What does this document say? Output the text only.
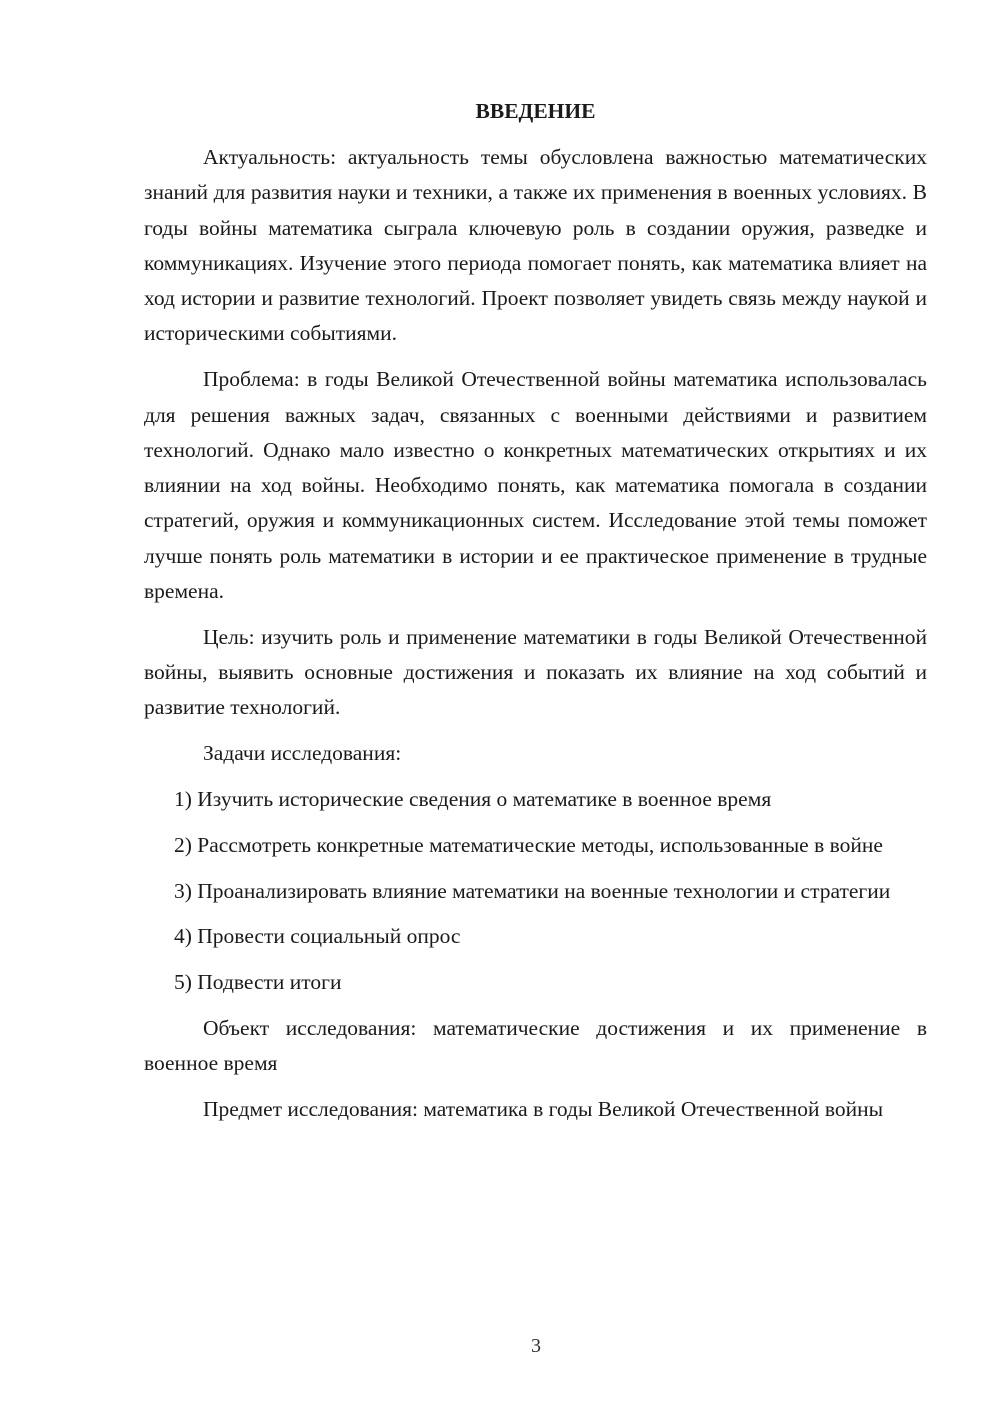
ВВЕДЕНИЕ

Актуальность: актуальность темы обусловлена важностью математических знаний для развития науки и техники, а также их применения в военных условиях. В годы войны математика сыграла ключевую роль в создании оружия, разведке и коммуникациях. Изучение этого периода помогает понять, как математика влияет на ход истории и развитие технологий. Проект позволяет увидеть связь между наукой и историческими событиями.

Проблема: в годы Великой Отечественной войны математика использовалась для решения важных задач, связанных с военными действиями и развитием технологий. Однако мало известно о конкретных математических открытиях и их влиянии на ход войны. Необходимо понять, как математика помогала в создании стратегий, оружия и коммуникационных систем. Исследование этой темы поможет лучше понять роль математики в истории и ее практическое применение в трудные времена.

Цель: изучить роль и применение математики в годы Великой Отечественной войны, выявить основные достижения и показать их влияние на ход событий и развитие технологий.

Задачи исследования:

1) Изучить исторические сведения о математике в военное время

2) Рассмотреть конкретные математические методы, использованные в войне

3) Проанализировать влияние математики на военные технологии и стратегии

4) Провести социальный опрос

5) Подвести итоги

Объект исследования: математические достижения и их применение в военное время

Предмет исследования: математика в годы Великой Отечественной войны

3
